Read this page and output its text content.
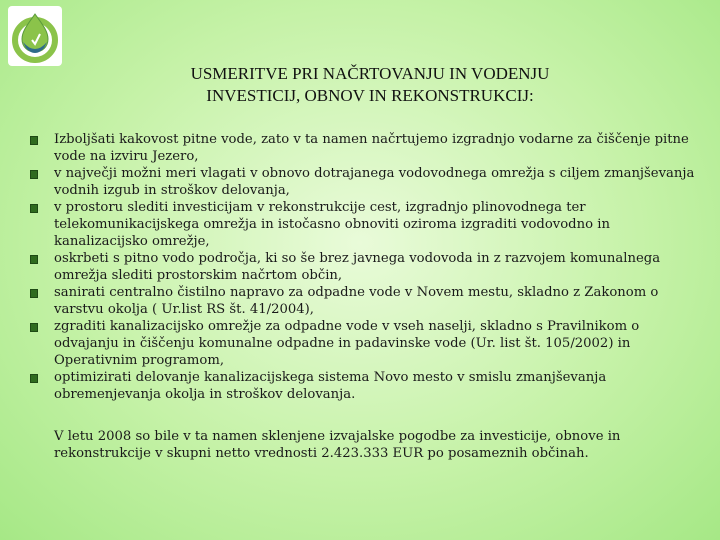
USMERITVE PRI NAČRTOVANJU IN VODENJU
INVESTICIJ, OBNOV IN REKONSTRUKCIJ:
Izboljšati kakovost pitne vode, zato v ta namen načrtujemo izgradnjo vodarne za čiščenje pitne vode na izviru Jezero,
v največji možni meri vlagati v obnovo dotrajanega vodovodnega omrežja s ciljem zmanjševanja vodnih izgub in stroškov delovanja,
v prostoru slediti investicijam v rekonstrukcije cest, izgradnjo plinovodnega ter telekomunikacijskega omrežja in istočasno obnoviti oziroma izgraditi vodovodno in kanalizacijsko omrežje,
oskrbeti s pitno vodo področja, ki so še brez javnega vodovoda in z razvojem komunalnega omrežja slediti prostorskim načrtom občin,
sanirati centralno čistilno napravo za odpadne vode v Novem mestu, skladno z Zakonom o varstvu okolja ( Ur.list RS št. 41/2004),
zgraditi kanalizacijsko omrežje za odpadne vode v vseh naselji, skladno s Pravilnikom o odvajanju in čiščenju komunalne odpadne in padavinske vode (Ur. list št. 105/2002) in Operativnim programom,
optimizirati delovanje kanalizacijskega sistema Novo mesto v smislu zmanjševanja obremenjevanja okolja in stroškov delovanja.
V letu 2008 so bile v ta namen sklenjene izvajalske pogodbe za investicije, obnove in rekonstrukcije v skupni netto vrednosti 2.423.333 EUR po posameznih občinah.
